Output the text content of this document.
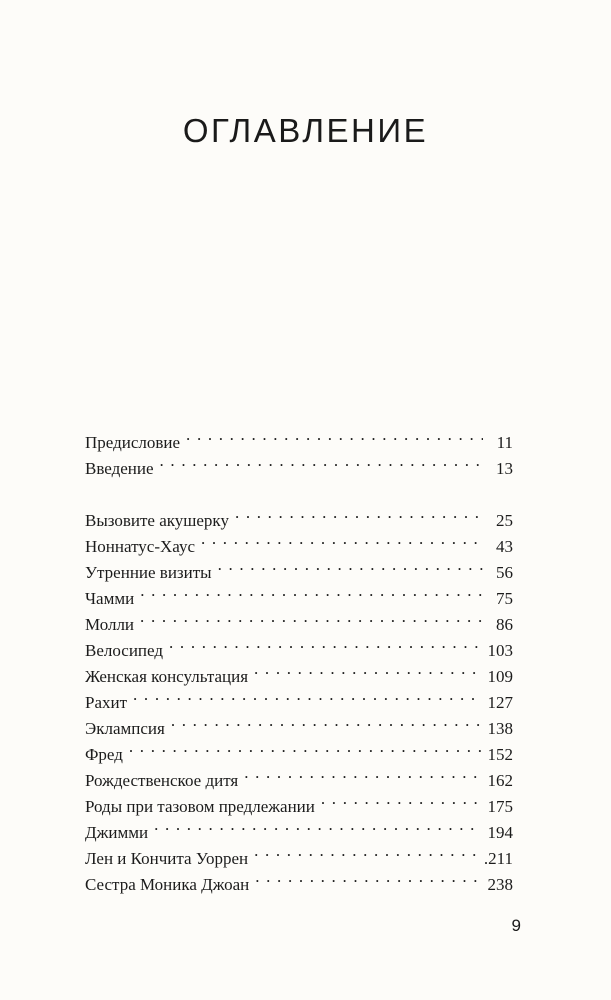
ОГЛАВЛЕНИЕ
Предисловие . . .	11
Введение . . .	13
Вызовите акушерку . . .	25
Ноннатус-Хаус . . .	43
Утренние визиты . . .	56
Чамми . . .	75
Молли . . .	86
Велосипед . . .	103
Женская консультация . . .	109
Рахит . . .	127
Эклампсия . . .	138
Фред . . .	152
Рождественское дитя . . .	162
Роды при тазовом предлежании . . .	175
Джимми . . .	194
Лен и Кончита Уоррен . . .	.211
Сестра Моника Джоан . . .	238
9
